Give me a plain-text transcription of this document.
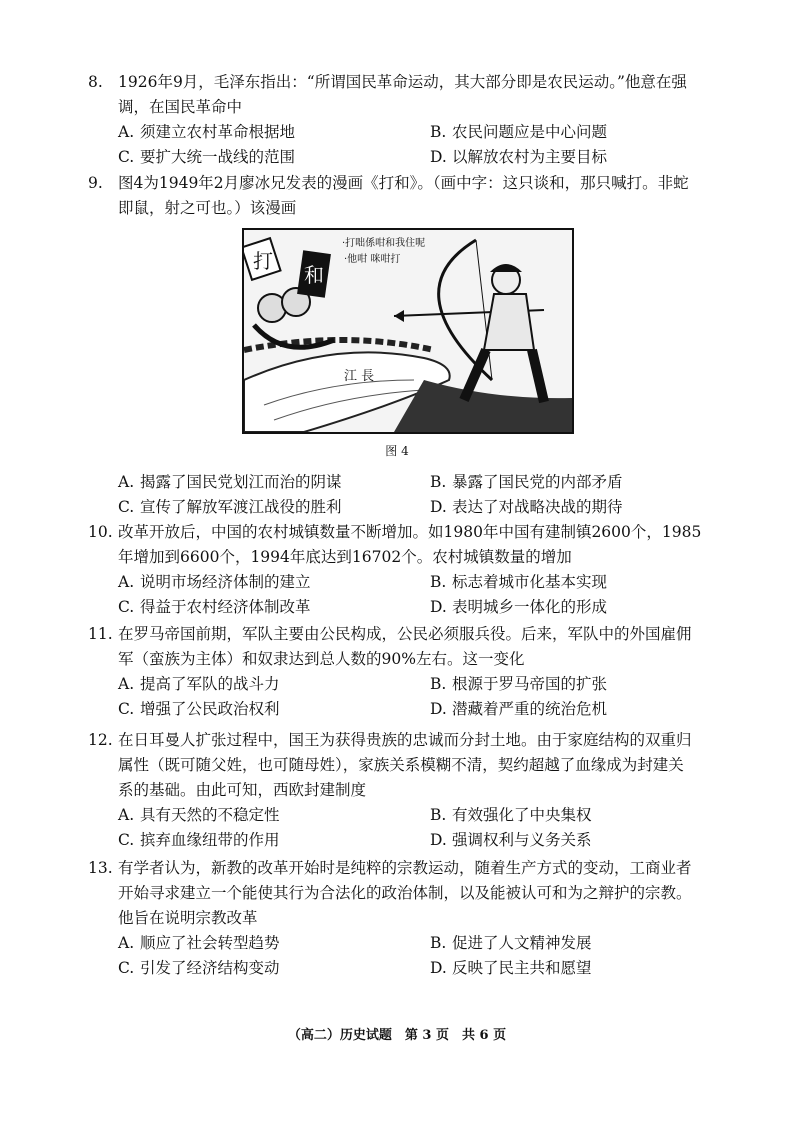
8. 1926年9月，毛泽东指出：“所谓国民革命运动，其大部分即是农民运动。”他意在强
调，在国民革命中

A. 须建立农村革命根据地	B. 农民问题应是中心问题
C. 要扩大统一战线的范围	D. 以解放农村为主要目标
9. 图4为1949年2月廖冰兄发表的漫画《打和》。（画中字：这只谈和，那只喊打。非蛇
即鼠，射之可也。）该漫画

打
和
·打咄係咁和我住呢
·他咁 咪咁打
江 長
图 4
A. 揭露了国民党划江而治的阴谋	B. 暴露了国民党的内部矛盾
C. 宣传了解放军渡江战役的胜利	D. 表达了对战略决战的期待
10. 改革开放后，中国的农村城镇数量不断增加。如1980年中国有建制镇2600个，1985
年增加到6600个，1994年底达到16702个。农村城镇数量的增加

A. 说明市场经济体制的建立	B. 标志着城市化基本实现
C. 得益于农村经济体制改革	D. 表明城乡一体化的形成
11. 在罗马帝国前期，军队主要由公民构成，公民必须服兵役。后来，军队中的外国雇佣
军（蛮族为主体）和奴隶达到总人数的90%左右。这一变化

A. 提高了军队的战斗力	B. 根源于罗马帝国的扩张
C. 增强了公民政治权利	D. 潜藏着严重的统治危机
12. 在日耳曼人扩张过程中，国王为获得贵族的忠诚而分封土地。由于家庭结构的双重归
属性（既可随父姓，也可随母姓），家族关系模糊不清，契约超越了血缘成为封建关
系的基础。由此可知，西欧封建制度

A. 具有天然的不稳定性	B. 有效强化了中央集权
C. 摈弃血缘纽带的作用	D. 强调权利与义务关系
13. 有学者认为，新教的改革开始时是纯粹的宗教运动，随着生产方式的变动，工商业者
开始寻求建立一个能使其行为合法化的政治体制，以及能被认可和为之辩护的宗教。
他旨在说明宗教改革

A. 顺应了社会转型趋势	B. 促进了人文精神发展
C. 引发了经济结构变动	D. 反映了民主共和愿望
（高二）历史试题　第 3 页　共 6 页
